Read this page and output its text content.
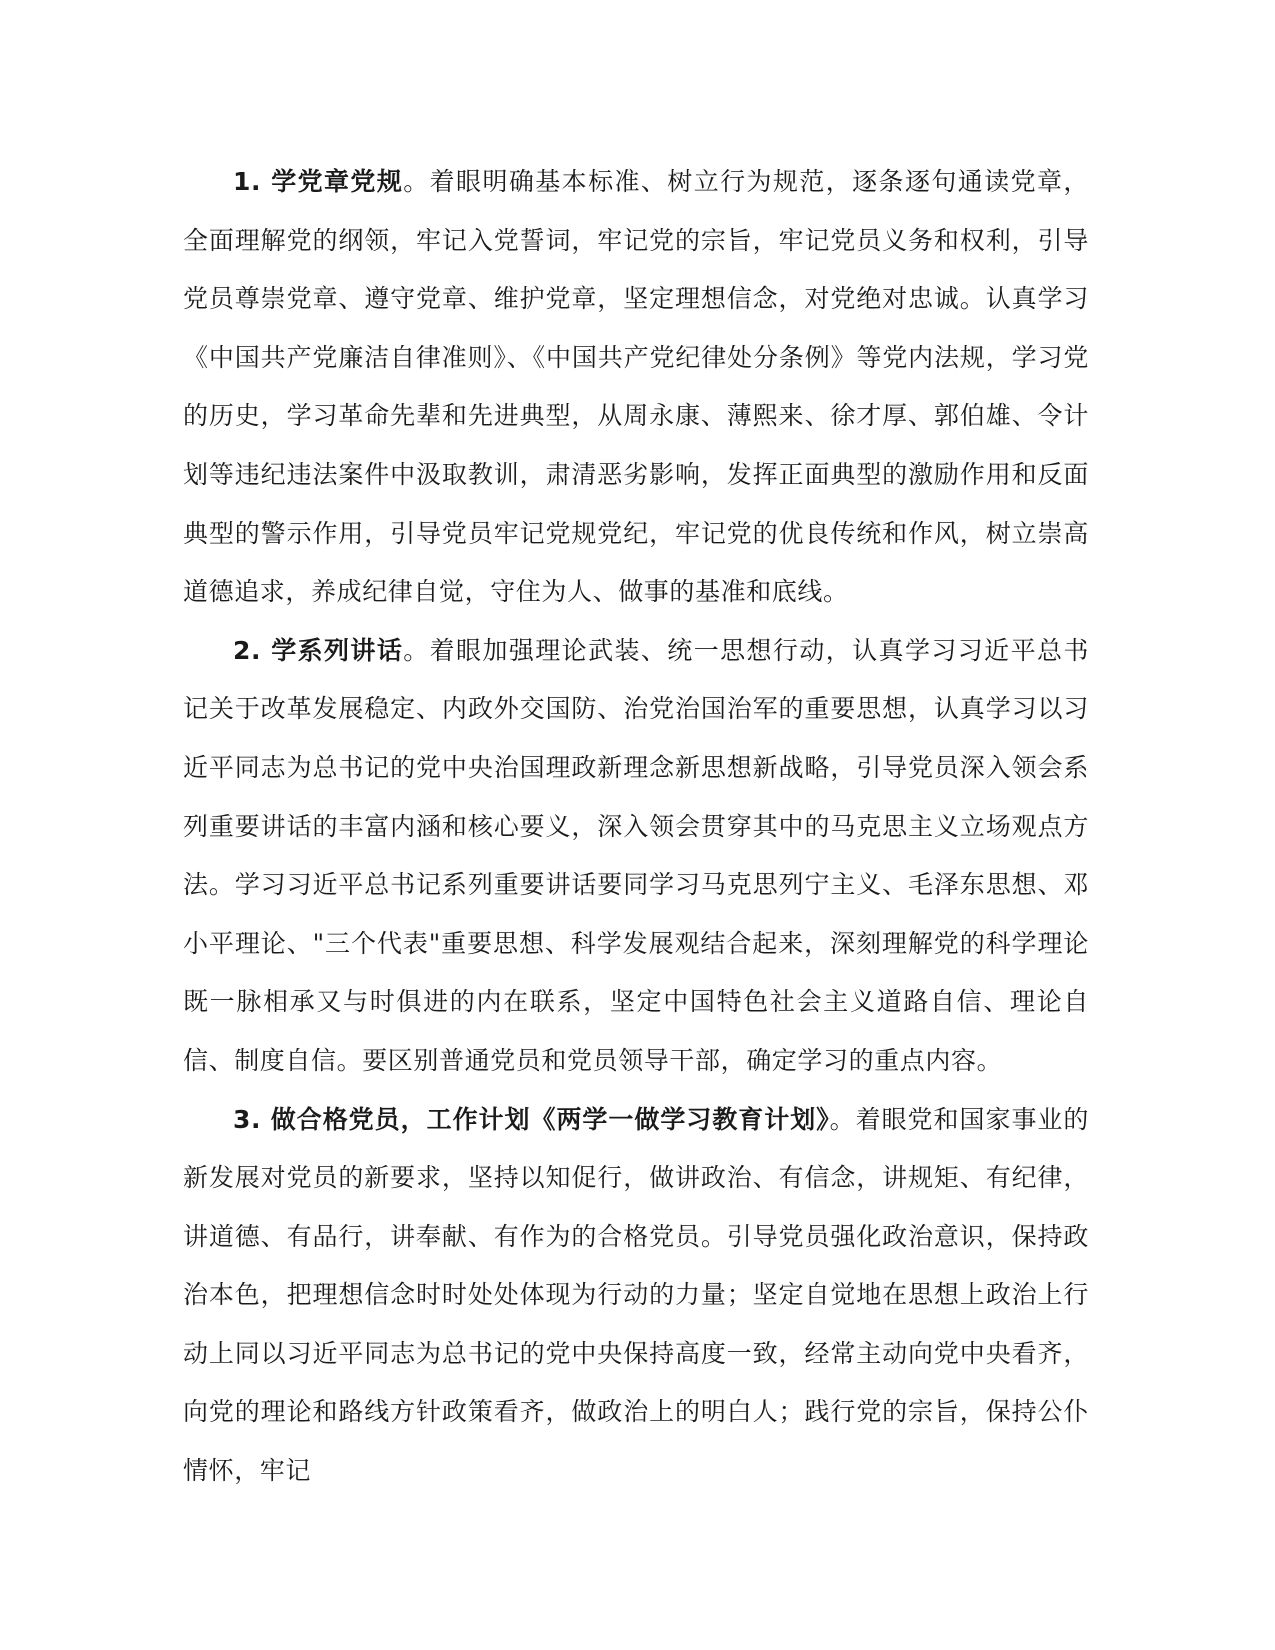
1. 学党章党规。着眼明确基本标准、树立行为规范，逐条逐句通读党章，全面理解党的纲领，牢记入党誓词，牢记党的宗旨，牢记党员义务和权利，引导党员尊崇党章、遵守党章、维护党章，坚定理想信念，对党绝对忠诚。认真学习《中国共产党廉洁自律准则》、《中国共产党纪律处分条例》等党内法规，学习党的历史，学习革命先辈和先进典型，从周永康、薄熙来、徐才厚、郭伯雄、令计划等违纪违法案件中汲取教训，肃清恶劣影响，发挥正面典型的激励作用和反面典型的警示作用，引导党员牢记党规党纪，牢记党的优良传统和作风，树立崇高道德追求，养成纪律自觉，守住为人、做事的基准和底线。

2. 学系列讲话。着眼加强理论武装、统一思想行动，认真学习习近平总书记关于改革发展稳定、内政外交国防、治党治国治军的重要思想，认真学习以习近平同志为总书记的党中央治国理政新理念新思想新战略，引导党员深入领会系列重要讲话的丰富内涵和核心要义，深入领会贯穿其中的马克思主义立场观点方法。学习习近平总书记系列重要讲话要同学习马克思列宁主义、毛泽东思想、邓小平理论、"三个代表"重要思想、科学发展观结合起来，深刻理解党的科学理论既一脉相承又与时俱进的内在联系，坚定中国特色社会主义道路自信、理论自信、制度自信。要区别普通党员和党员领导干部，确定学习的重点内容。

3. 做合格党员，工作计划《两学一做学习教育计划》。着眼党和国家事业的新发展对党员的新要求，坚持以知促行，做讲政治、有信念，讲规矩、有纪律，讲道德、有品行，讲奉献、有作为的合格党员。引导党员强化政治意识，保持政治本色，把理想信念时时处处体现为行动的力量；坚定自觉地在思想上政治上行动上同以习近平同志为总书记的党中央保持高度一致，经常主动向党中央看齐，向党的理论和路线方针政策看齐，做政治上的明白人；践行党的宗旨，保持公仆情怀，牢记
